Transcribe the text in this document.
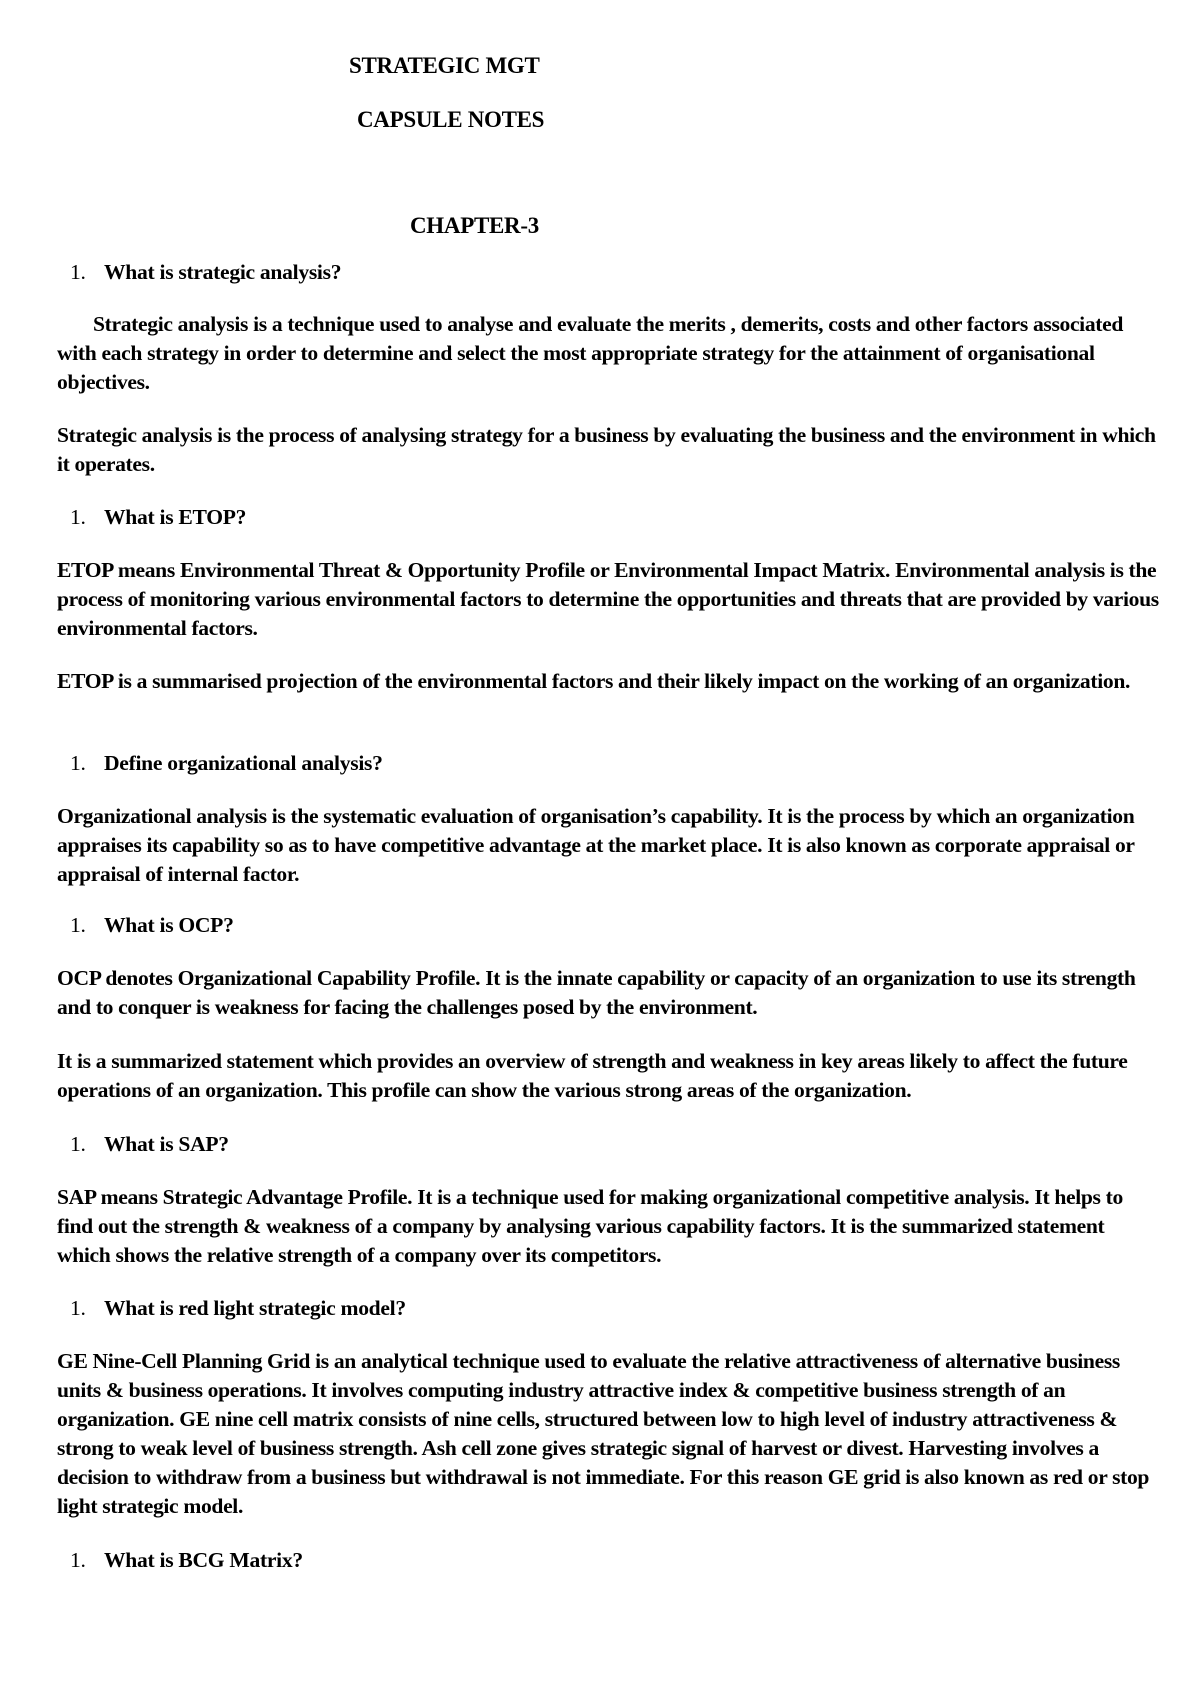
STRATEGIC MGT
CAPSULE NOTES
CHAPTER-3
1. What is strategic analysis?

Strategic analysis is a technique used to analyse and evaluate the merits , demerits, costs and other factors associated with each strategy in order to determine and select the most appropriate strategy for the attainment of organisational objectives.

Strategic analysis is the process of analysing strategy for a business by evaluating the business and the environment in which it operates.

1. What is ETOP?

ETOP means Environmental Threat & Opportunity Profile or Environmental Impact Matrix. Environmental analysis is the process of monitoring various environmental factors to determine the opportunities and threats that are provided by various environmental factors.

ETOP is a summarised projection of the environmental factors and their likely impact on the working of an organization.

1. Define organizational analysis?

Organizational analysis is the systematic evaluation of organisation’s capability. It is the process by which an organization appraises its capability so as to have competitive advantage at the market place. It is also known as corporate appraisal or appraisal of internal factor.

1. What is OCP?

OCP denotes Organizational Capability Profile. It is the innate capability or capacity of an organization to use its strength and to conquer is weakness for facing the challenges posed by the environment.

It is a summarized statement which provides an overview of strength and weakness in key areas likely to affect the future operations of an organization. This profile can show the various strong areas of the organization.

1. What is SAP?

SAP means Strategic Advantage Profile. It is a technique used for making organizational competitive analysis. It helps to find out the strength & weakness of a company by analysing various capability factors. It is the summarized statement which shows the relative strength of a company over its competitors.

1. What is red light strategic model?

GE Nine-Cell Planning Grid is an analytical technique used to evaluate the relative attractiveness of alternative business units & business operations. It involves computing industry attractive index & competitive business strength of an organization. GE nine cell matrix consists of nine cells, structured between low to high level of industry attractiveness & strong to weak level of business strength. Ash cell zone gives strategic signal of harvest or divest. Harvesting involves a decision to withdraw from a business but withdrawal is not immediate. For this reason GE grid is also known as red or stop light strategic model.

1. What is BCG Matrix?
